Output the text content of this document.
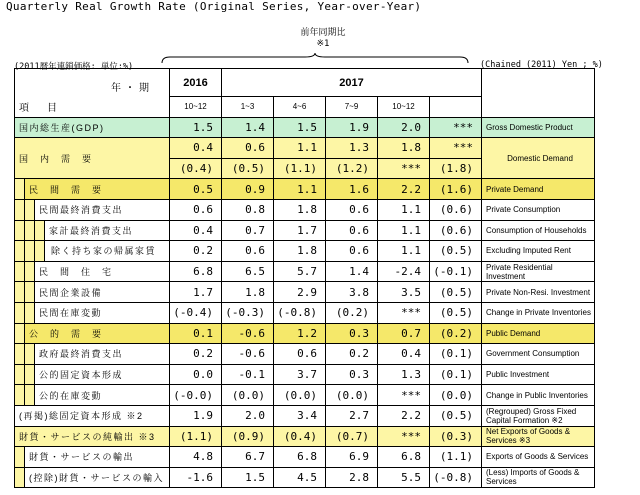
Quarterly Real Growth Rate (Original Series, Year-over-Year)
前年同期比
※1
(2011暦年連鎖価格: 単位:%)	(Chained (2011) Yen ; %)
年・期
項　目				2016	2017					
				10~12	1~3	4~6	7~9	10~12		
国内総生産(GDP)				1.5	1.4	1.5	1.9	2.0	***	Gross Domestic Product
国　内　需　要				0.4	0.6	1.1	1.3	1.8	***	Domestic Demand
				(0.4)	(0.5)	(1.1)	(1.2)	***	(1.8)	
	民　間　需　要			0.5	0.9	1.1	1.6	2.2	(1.6)	Private Demand
		民間最終消費支出		0.6	0.8	1.8	0.6	1.1	(0.6)	Private Consumption
			家計最終消費支出	0.4	0.7	1.7	0.6	1.1	(0.6)	Consumption of Households
			除く持ち家の帰属家賃	0.2	0.6	1.8	0.6	1.1	(0.5)	Excluding Imputed Rent
		民　間　住　宅		6.8	6.5	5.7	1.4	-2.4	(-0.1)	Private Residential Investment
		民間企業設備		1.7	1.8	2.9	3.8	3.5	(0.5)	Private Non-Resi. Investment
		民間在庫変動		(-0.4)	(-0.3)	(-0.8)	(0.2)	***	(0.5)	Change in Private Inventories
	公　的　需　要			0.1	-0.6	1.2	0.3	0.7	(0.2)	Public Demand
		政府最終消費支出		0.2	-0.6	0.6	0.2	0.4	(0.1)	Government Consumption
		公的固定資本形成		0.0	-0.1	3.7	0.3	1.3	(0.1)	Public Investment
		公的在庫変動		(-0.0)	(0.0)	(0.0)	(0.0)	***	(0.0)	Change in Public Inventories
(再掲)総固定資本形成 ※2				1.9	2.0	3.4	2.7	2.2	(0.5)	(Regrouped) Gross Fixed Capital Formation ※2
財貨・サービスの純輸出 ※3				(1.1)	(0.9)	(0.4)	(0.7)	***	(0.3)	Net Exports of Goods & Services ※3
	財貨・サービスの輸出			4.8	6.7	6.8	6.9	6.8	(1.1)	Exports of Goods & Services
	(控除)財貨・サービスの輸入			-1.6	1.5	4.5	2.8	5.5	(-0.8)	(Less) Imports of Goods & Services
